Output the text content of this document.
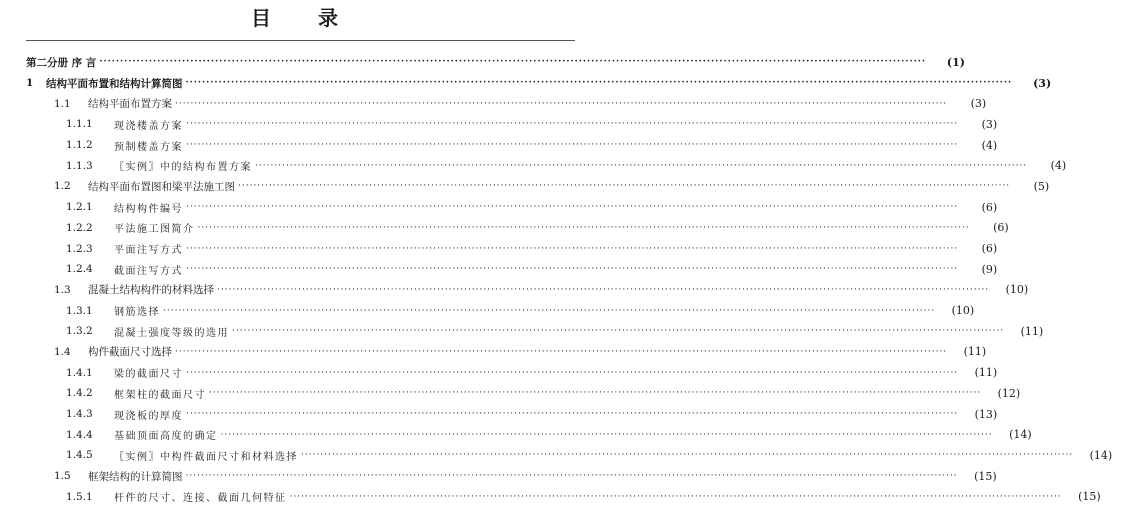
目 录
第二分册 序 言 ········································································································································································································	(1)
1	结构平面布置和结构计算简图 ········································································································································································································	(3)
1.1	结构平面布置方案 ········································································································································································································	(3)
1.1.1	现浇楼盖方案 ········································································································································································································	(3)
1.1.2	预制楼盖方案 ········································································································································································································	(4)
1.1.3	〖实例〗中的结构布置方案 ········································································································································································································	(4)
1.2	结构平面布置图和梁平法施工图 ········································································································································································································	(5)
1.2.1	结构构件编号 ········································································································································································································	(6)
1.2.2	平法施工图简介 ········································································································································································································	(6)
1.2.3	平面注写方式 ········································································································································································································	(6)
1.2.4	截面注写方式 ········································································································································································································	(9)
1.3	混凝土结构构件的材料选择 ········································································································································································································	(10)
1.3.1	钢筋选择 ········································································································································································································	(10)
1.3.2	混凝土强度等级的选用 ········································································································································································································	(11)
1.4	构件截面尺寸选择 ········································································································································································································	(11)
1.4.1	梁的截面尺寸 ········································································································································································································	(11)
1.4.2	框架柱的截面尺寸 ········································································································································································································	(12)
1.4.3	现浇板的厚度 ········································································································································································································	(13)
1.4.4	基础顶面高度的确定 ········································································································································································································	(14)
1.4.5	〖实例〗中构件截面尺寸和材料选择 ········································································································································································································	(14)
1.5	框架结构的计算简图 ········································································································································································································	(15)
1.5.1	杆件的尺寸、连接、截面几何特征 ········································································································································································································	(15)
